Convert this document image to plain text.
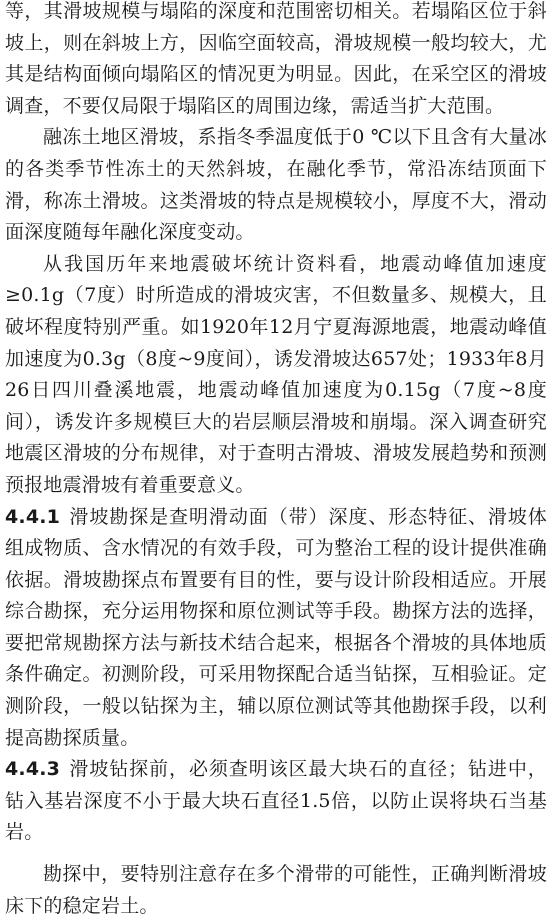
等，其滑坡规模与塌陷的深度和范围密切相关。若塌陷区位于斜坡上，则在斜坡上方，因临空面较高，滑坡规模一般均较大，尤其是结构面倾向塌陷区的情况更为明显。因此，在采空区的滑坡调查，不要仅局限于塌陷区的周围边缘，需适当扩大范围。

融冻土地区滑坡，系指冬季温度低于0 ℃以下且含有大量冰的各类季节性冻土的天然斜坡，在融化季节，常沿冻结顶面下滑，称冻土滑坡。这类滑坡的特点是规模较小，厚度不大，滑动面深度随每年融化深度变动。

从我国历年来地震破坏统计资料看，地震动峰值加速度≥0.1g（7度）时所造成的滑坡灾害，不但数量多、规模大，且破坏程度特别严重。如1920年12月宁夏海源地震，地震动峰值加速度为0.3g（8度~9度间），诱发滑坡达657处；1933年8月26日四川叠溪地震，地震动峰值加速度为0.15g（7度~8度间），诱发许多规模巨大的岩层顺层滑坡和崩塌。深入调查研究地震区滑坡的分布规律，对于查明古滑坡、滑坡发展趋势和预测预报地震滑坡有着重要意义。

4.4.1 滑坡勘探是查明滑动面（带）深度、形态特征、滑坡体组成物质、含水情况的有效手段，可为整治工程的设计提供准确依据。滑坡勘探点布置要有目的性，要与设计阶段相适应。开展综合勘探，充分运用物探和原位测试等手段。勘探方法的选择，要把常规勘探方法与新技术结合起来，根据各个滑坡的具体地质条件确定。初测阶段，可采用物探配合适当钻探，互相验证。定测阶段，一般以钻探为主，辅以原位测试等其他勘探手段，以利提高勘探质量。

4.4.3 滑坡钻探前，必须查明该区最大块石的直径；钻进中，钻入基岩深度不小于最大块石直径1.5倍，以防止误将块石当基岩。

勘探中，要特别注意存在多个滑带的可能性，正确判断滑坡床下的稳定岩土。
